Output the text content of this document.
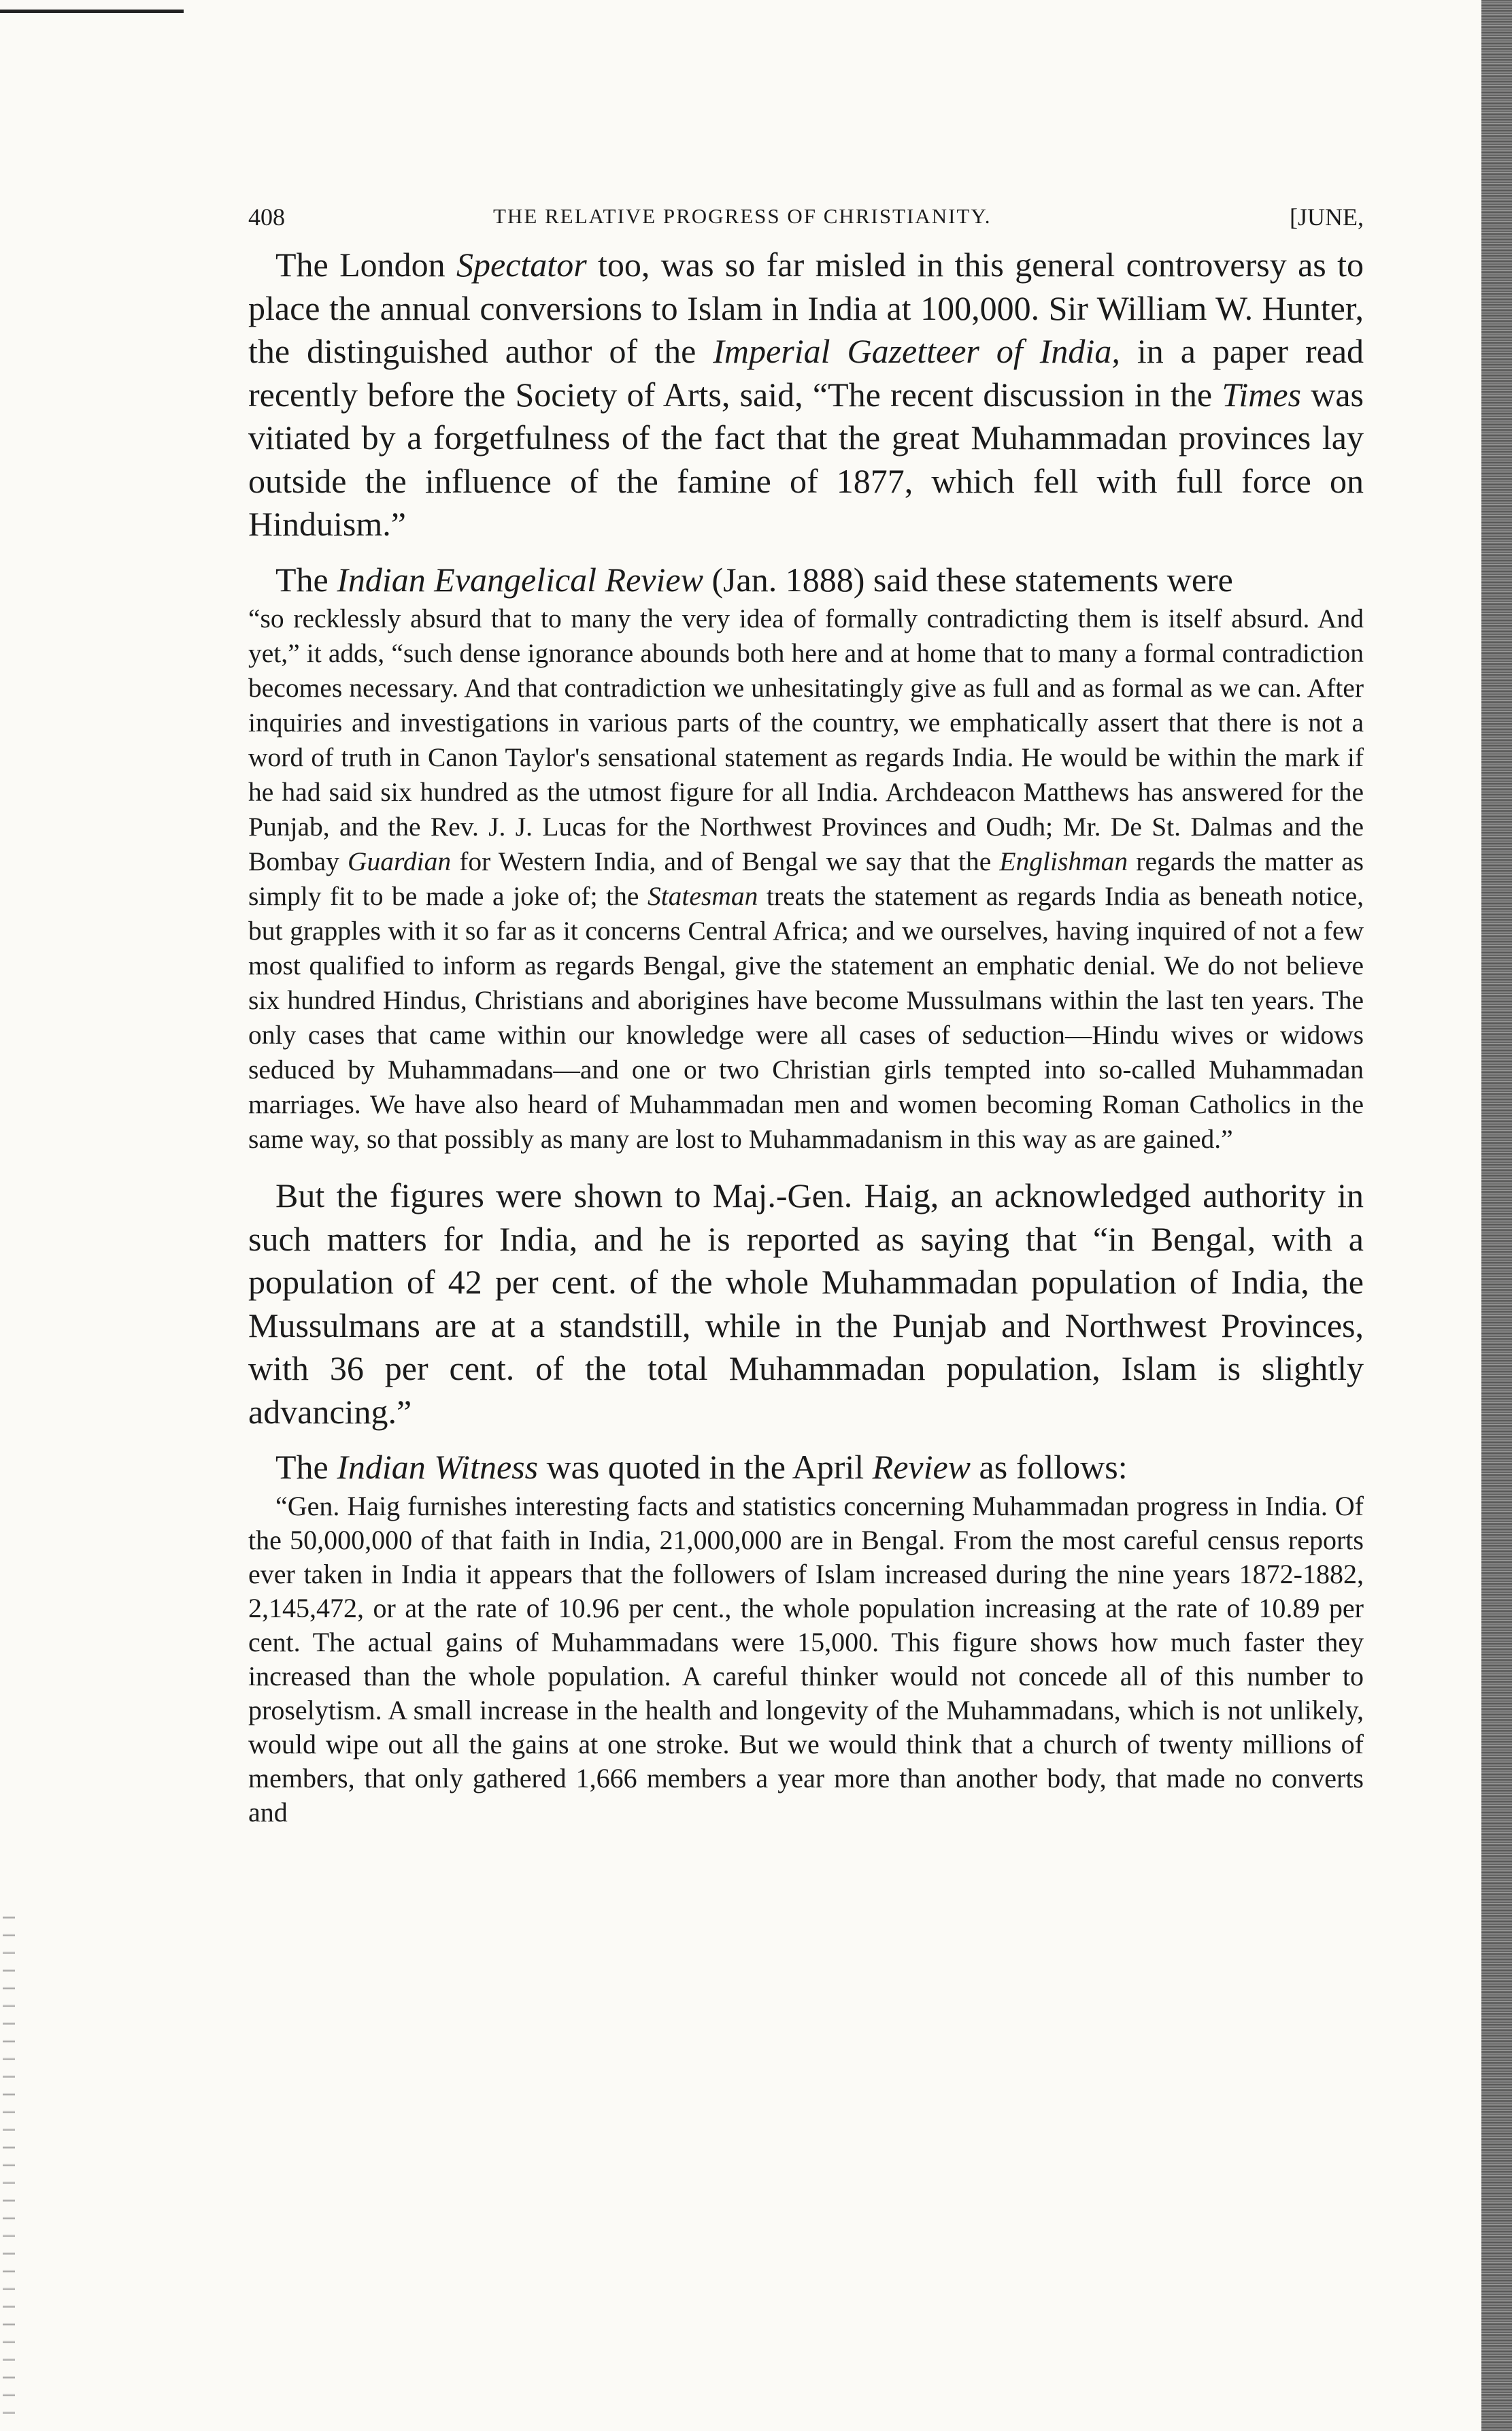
408	THE RELATIVE PROGRESS OF CHRISTIANITY.	[JUNE,

The London Spectator too, was so far misled in this general controversy as to place the annual conversions to Islam in India at 100,000. Sir William W. Hunter, the distinguished author of the Imperial Gazetteer of India, in a paper read recently before the Society of Arts, said, “The recent discussion in the Times was vitiated by a forgetfulness of the fact that the great Muhammadan provinces lay outside the influence of the famine of 1877, which fell with full force on Hinduism.”

The Indian Evangelical Review (Jan. 1888) said these statements were

“so recklessly absurd that to many the very idea of formally contradicting them is itself absurd. And yet,” it adds, “such dense ignorance abounds both here and at home that to many a formal contradiction becomes necessary. And that contradiction we unhesitatingly give as full and as formal as we can. After inquiries and investigations in various parts of the country, we emphatically assert that there is not a word of truth in Canon Taylor's sensational statement as regards India. He would be within the mark if he had said six hundred as the utmost figure for all India. Archdeacon Matthews has answered for the Punjab, and the Rev. J. J. Lucas for the Northwest Provinces and Oudh; Mr. De St. Dalmas and the Bombay Guardian for Western India, and of Bengal we say that the Englishman regards the matter as simply fit to be made a joke of; the Statesman treats the statement as regards India as beneath notice, but grapples with it so far as it concerns Central Africa; and we ourselves, having inquired of not a few most qualified to inform as regards Bengal, give the statement an emphatic denial. We do not believe six hundred Hindus, Christians and aborigines have become Mussulmans within the last ten years. The only cases that came within our knowledge were all cases of seduction—Hindu wives or widows seduced by Muhammadans—and one or two Christian girls tempted into so-called Muhammadan marriages. We have also heard of Muhammadan men and women becoming Roman Catholics in the same way, so that possibly as many are lost to Muhammadanism in this way as are gained.”

But the figures were shown to Maj.-Gen. Haig, an acknowledged authority in such matters for India, and he is reported as saying that “in Bengal, with a population of 42 per cent. of the whole Muhammadan population of India, the Mussulmans are at a standstill, while in the Punjab and Northwest Provinces, with 36 per cent. of the total Muhammadan population, Islam is slightly advancing.”

The Indian Witness was quoted in the April Review as follows:

“Gen. Haig furnishes interesting facts and statistics concerning Muhammadan progress in India. Of the 50,000,000 of that faith in India, 21,000,000 are in Bengal. From the most careful census reports ever taken in India it appears that the followers of Islam increased during the nine years 1872-1882, 2,145,472, or at the rate of 10.96 per cent., the whole population increasing at the rate of 10.89 per cent. The actual gains of Muhammadans were 15,000. This figure shows how much faster they increased than the whole population. A careful thinker would not concede all of this number to proselytism. A small increase in the health and longevity of the Muhammadans, which is not unlikely, would wipe out all the gains at one stroke. But we would think that a church of twenty millions of members, that only gathered 1,666 members a year more than another body, that made no converts and
